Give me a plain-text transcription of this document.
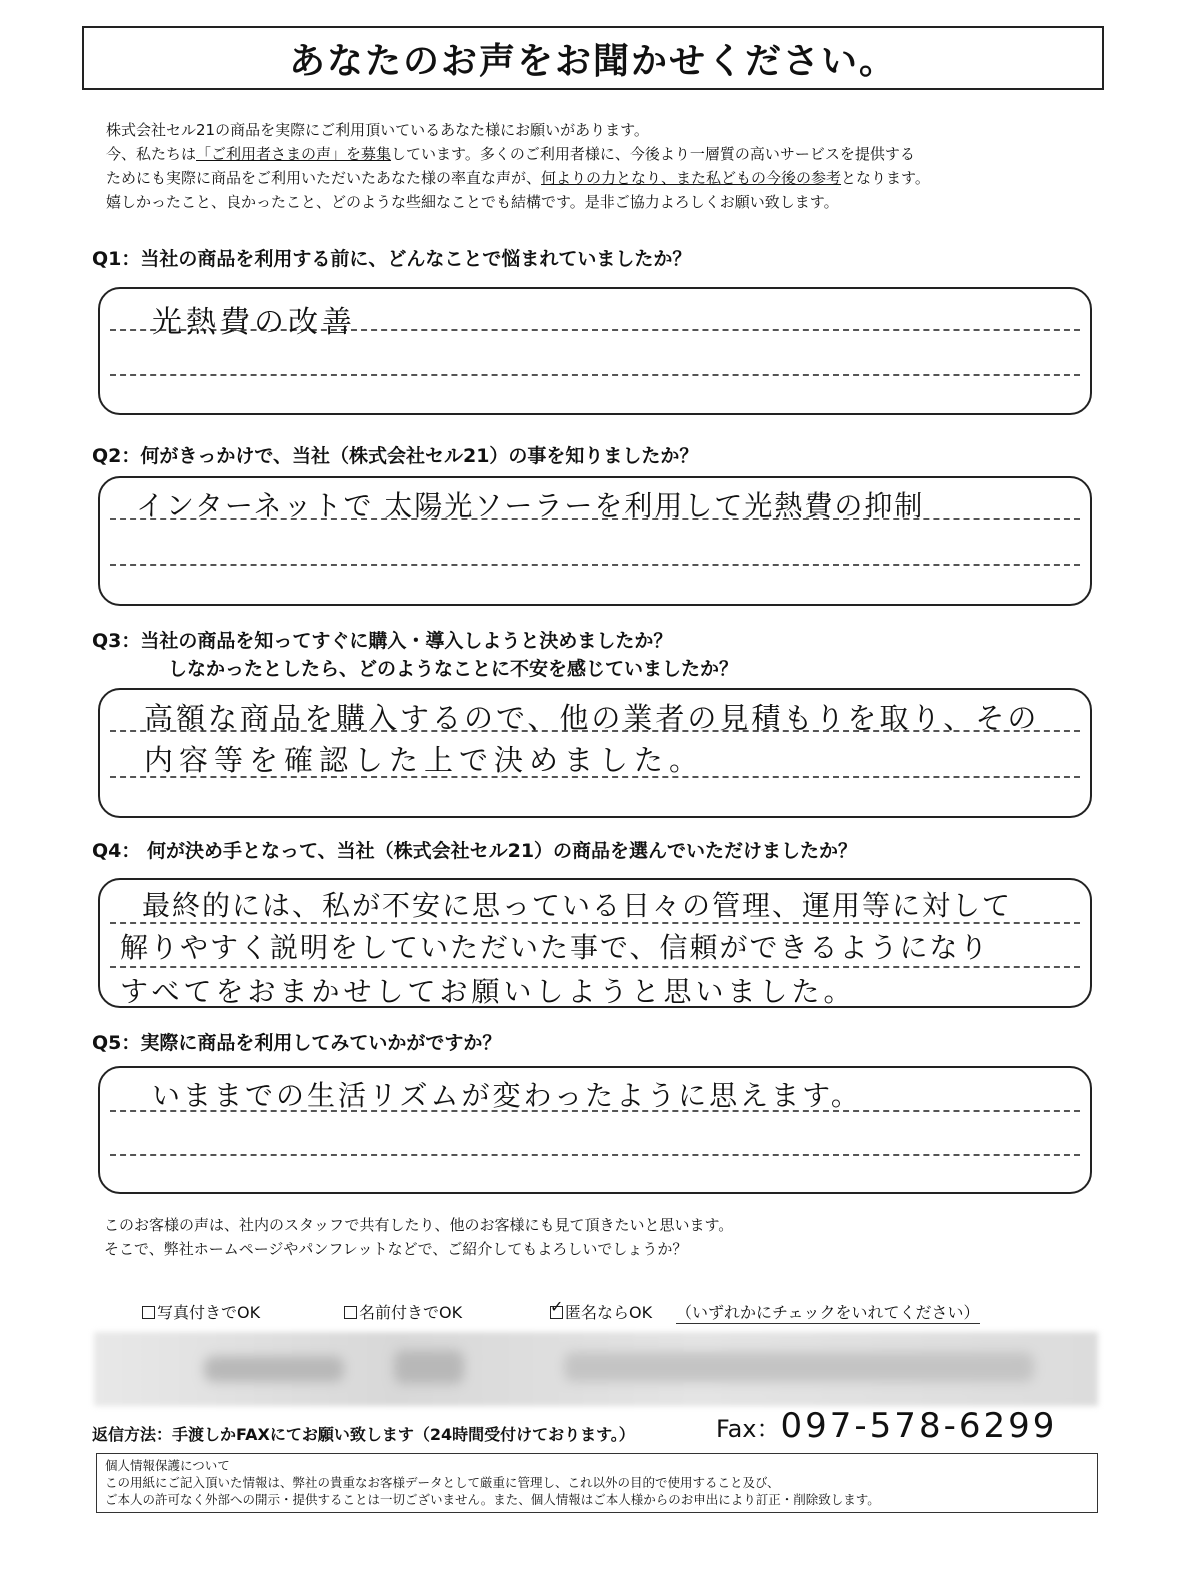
あなたのお声をお聞かせください。
株式会社セル21の商品を実際にご利用頂いているあなた様にお願いがあります。
今、私たちは「ご利用者さまの声」を募集しています。多くのご利用者様に、今後より一層質の高いサービスを提供する
ためにも実際に商品をご利用いただいたあなた様の率直な声が、何よりの力となり、また私どもの今後の参考となります。
嬉しかったこと、良かったこと、どのような些細なことでも結構です。是非ご協力よろしくお願い致します。
Q1：当社の商品を利用する前に、どんなことで悩まれていましたか？
光熱費の改善
Q2：何がきっかけで、当社（株式会社セル21）の事を知りましたか？
インターネットで 太陽光ソーラーを利用して光熱費の抑制
Q3：当社の商品を知ってすぐに購入・導入しようと決めましたか？
しなかったとしたら、どのようなことに不安を感じていましたか？
高額な商品を購入するので、他の業者の見積もりを取り、その
内容等を確認した上で決めました。
Q4： 何が決め手となって、当社（株式会社セル21）の商品を選んでいただけましたか？
最終的には、私が不安に思っている日々の管理、運用等に対して
解りやすく説明をしていただいた事で、信頼ができるようになり
すべてをおまかせしてお願いしようと思いました。
Q5：実際に商品を利用してみていかがですか？
いままでの生活リズムが変わったように思えます。
このお客様の声は、社内のスタッフで共有したり、他のお客様にも見て頂きたいと思います。
そこで、弊社ホームページやパンフレットなどで、ご紹介してもよろしいでしょうか？
写真付きでOK	名前付きでOK	✓ 匿名ならOK （いずれかにチェックをいれてください）
返信方法：手渡しかFAXにてお願い致します（24時間受付けております。）	Fax：097-578-6299
個人情報保護について
この用紙にご記入頂いた情報は、弊社の貴重なお客様データとして厳重に管理し、これ以外の目的で使用すること及び、
ご本人の許可なく外部への開示・提供することは一切ございません。また、個人情報はご本人様からのお申出により訂正・削除致します。
